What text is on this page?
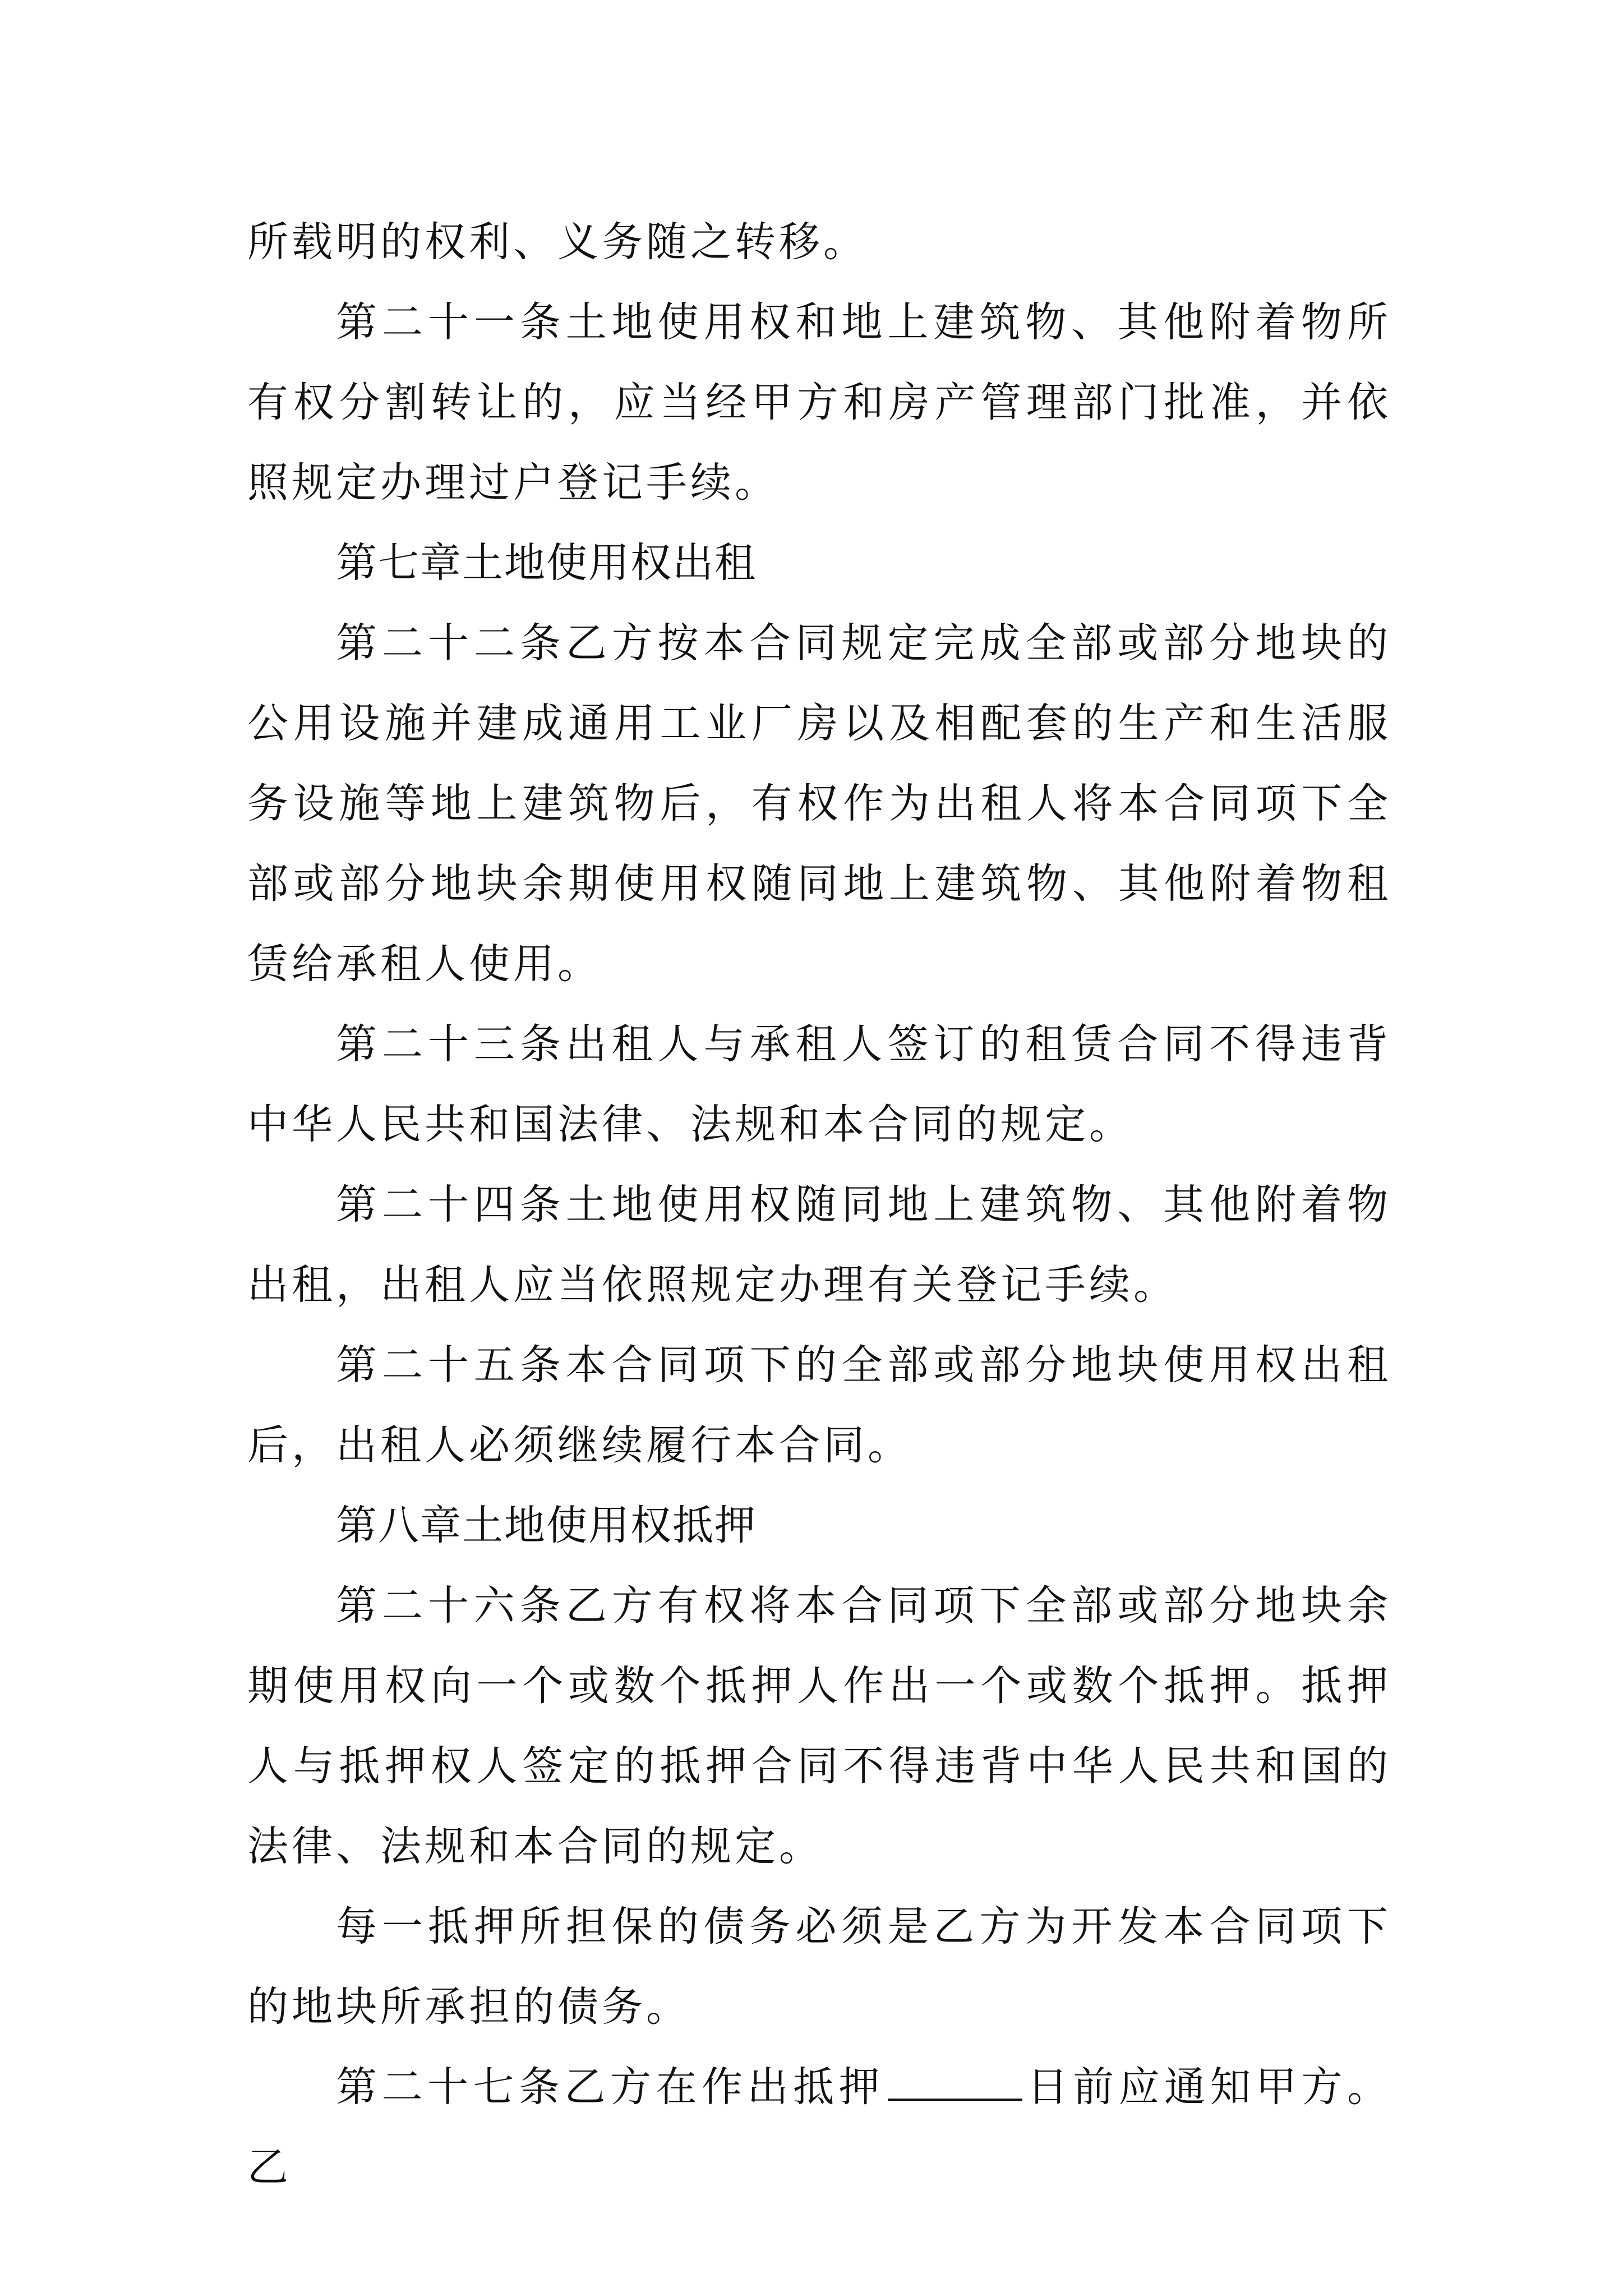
所载明的权利、义务随之转移。

第二十一条土地使用权和地上建筑物、其他附着物所有权分割转让的，应当经甲方和房产管理部门批准，并依照规定办理过户登记手续。

第七章土地使用权出租

第二十二条乙方按本合同规定完成全部或部分地块的公用设施并建成通用工业厂房以及相配套的生产和生活服务设施等地上建筑物后，有权作为出租人将本合同项下全部或部分地块余期使用权随同地上建筑物、其他附着物租赁给承租人使用。

第二十三条出租人与承租人签订的租赁合同不得违背中华人民共和国法律、法规和本合同的规定。

第二十四条土地使用权随同地上建筑物、其他附着物出租，出租人应当依照规定办理有关登记手续。

第二十五条本合同项下的全部或部分地块使用权出租后，出租人必须继续履行本合同。

第八章土地使用权抵押

第二十六条乙方有权将本合同项下全部或部分地块余期使用权向一个或数个抵押人作出一个或数个抵押。抵押人与抵押权人签定的抵押合同不得违背中华人民共和国的法律、法规和本合同的规定。

每一抵押所担保的债务必须是乙方为开发本合同项下的地块所承担的债务。

第二十七条乙方在作出抵押	日前应通知甲方。乙
